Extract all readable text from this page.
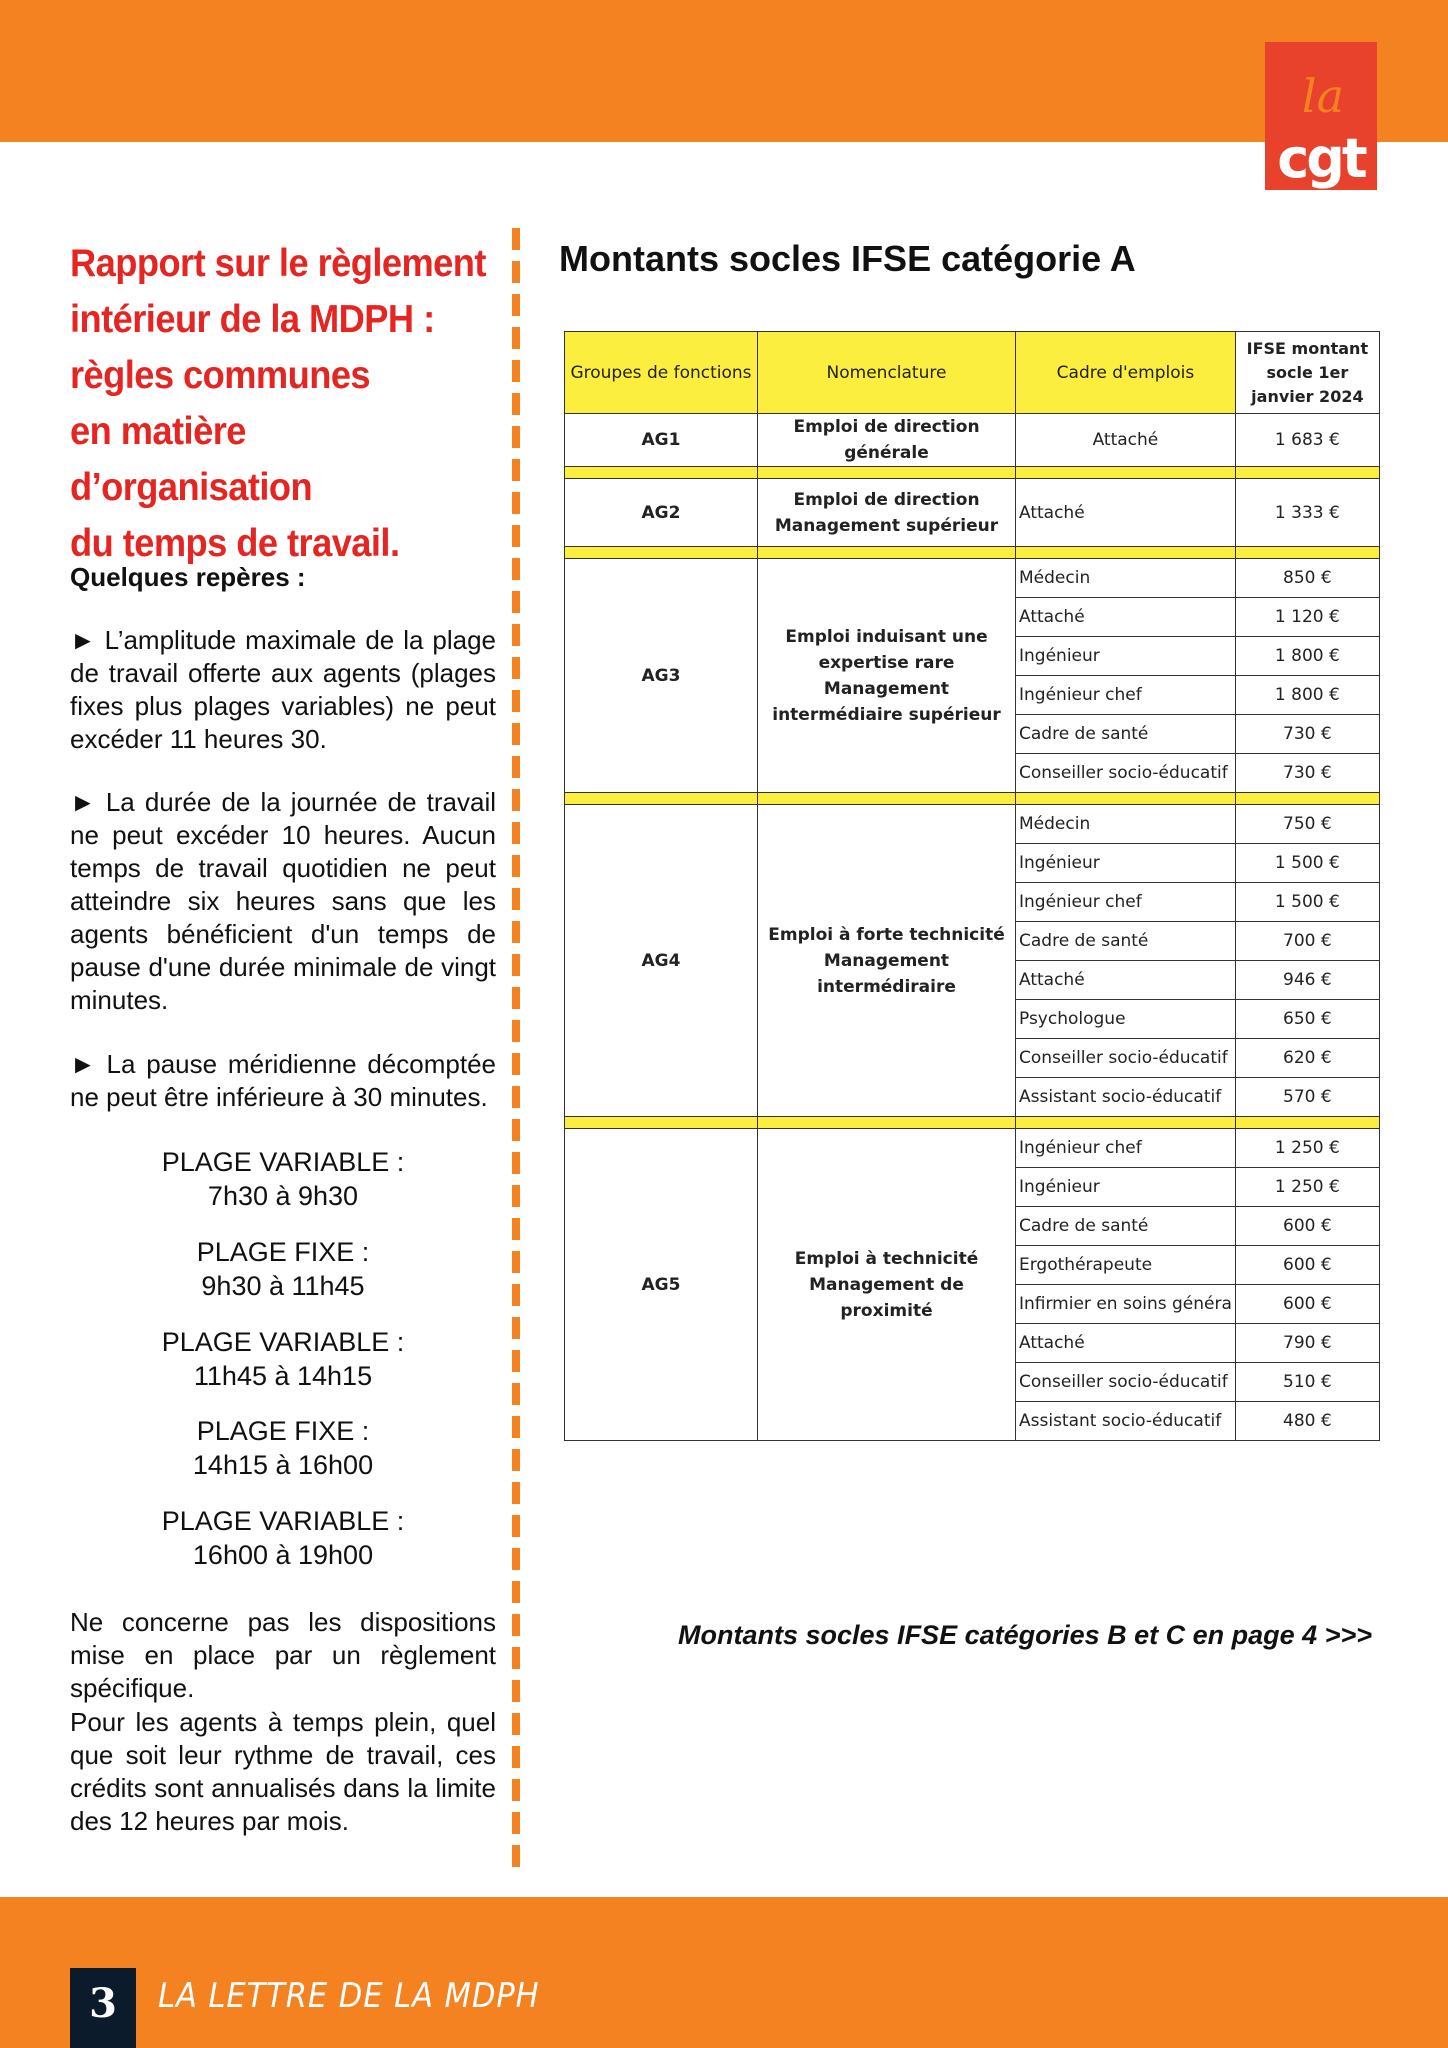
la
cgt
Rapport sur le règlement
intérieur de la MDPH :
règles communes
en matière d’organisation
du temps de travail.

Quelques repères :

► L’amplitude maximale de la plage de travail offerte aux agents (plages fixes plus plages variables) ne peut excéder 11 heures 30.

► La durée de la journée de travail ne peut excéder 10 heures. Aucun temps de travail quotidien ne peut atteindre six heures sans que les agents bénéficient d'un temps de pause d'une durée minimale de vingt minutes.

► La pause méridienne décomptée ne peut être inférieure à 30 minutes.

PLAGE VARIABLE :
7h30 à 9h30

PLAGE FIXE :
9h30 à 11h45

PLAGE VARIABLE :
11h45 à 14h15

PLAGE FIXE :
14h15 à 16h00

PLAGE VARIABLE :
16h00 à 19h00

Ne concerne pas les dispositions mise en place par un règlement spécifique.

Pour les agents à temps plein, quel que soit leur rythme de travail, ces crédits sont annualisés dans la limite des 12 heures par mois.

Montants socles IFSE catégorie A
Groupes de fonctions	Nomenclature	Cadre d'emplois	IFSE montant socle 1er janvier 2024
AG1	Emploi de direction générale	Attaché	1 683 €

AG2	Emploi de direction Management supérieur	Attaché	1 333 €

AG3	Emploi induisant une expertise rare Management intermédiaire supérieur	Médecin	850 €
		Attaché	1 120 €
		Ingénieur	1 800 €
		Ingénieur chef	1 800 €
		Cadre de santé	730 €
		Conseiller socio-éducatif	730 €

AG4	Emploi à forte technicité Management intermédiraire	Médecin	750 €
		Ingénieur	1 500 €
		Ingénieur chef	1 500 €
		Cadre de santé	700 €
		Attaché	946 €
		Psychologue	650 €
		Conseiller socio-éducatif	620 €
		Assistant socio-éducatif	570 €

AG5	Emploi à technicité Management de proximité	Ingénieur chef	1 250 €
		Ingénieur	1 250 €
		Cadre de santé	600 €
		Ergothérapeute	600 €
		Infirmier en soins généra	600 €
		Attaché	790 €
		Conseiller socio-éducatif	510 €
		Assistant socio-éducatif	480 €

Montants socles IFSE catégories B et C en page 4 >>>

3	LA LETTRE DE LA MDPH
